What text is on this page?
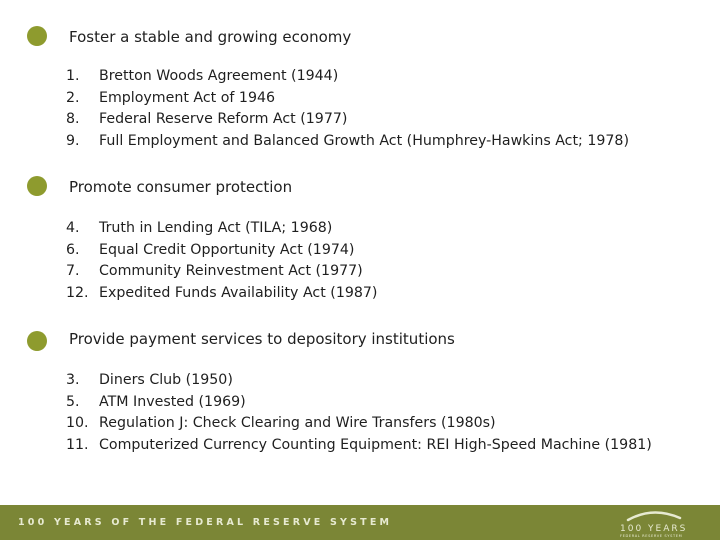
Foster a stable and growing economy
1.	Bretton Woods Agreement (1944)
2.	Employment Act of 1946
8.	Federal Reserve Reform Act (1977)
9.	Full Employment and Balanced Growth Act (Humphrey-Hawkins Act; 1978)
Promote consumer protection
4.	Truth in Lending Act (TILA; 1968)
6.	Equal Credit Opportunity Act (1974)
7.	Community Reinvestment Act (1977)
12. Expedited Funds Availability Act (1987)
Provide payment services to depository institutions
3.	Diners Club (1950)
5.	ATM Invested (1969)
10. Regulation J: Check Clearing and Wire Transfers (1980s)
11. Computerized Currency Counting Equipment: REI High-Speed Machine (1981)
100 YEARS OF THE FEDERAL RESERVE SYSTEM
100 YEARS
FEDERAL RESERVE SYSTEM
